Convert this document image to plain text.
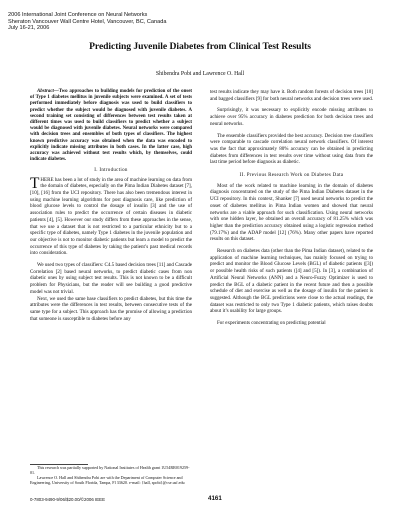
2006 International Joint Conference on Neural Networks
Sheraton Vancouver Wall Centre Hotel, Vancouver, BC, Canada
July 16-21, 2006
Predicting Juvenile Diabetes from Clinical Test Results
Shibendra Pobi and Lawrence O. Hall

Abstract—Two approaches to building models for prediction of the onset of Type 1 diabetes mellitus in juvenile subjects were examined. A set of tests performed immediately before diagnosis was used to build classifiers to predict whether the subject would be diagnosed with juvenile diabetes. A second training set consisting of differences between test results taken at different times was used to build classifiers to predict whether a subject would be diagnosed with juvenile diabetes. Neural networks were compared with decision trees and ensembles of both types of classifiers. The highest known predictive accuracy was obtained when the data was encoded to explicitly indicate missing attributes in both cases. In the latter case, high accuracy was achieved without test results which, by themselves, could indicate diabetes.

I. Introduction

THERE has been a lot of study in the area of machine learning on data from the domain of diabetes, especially on the Pima Indian Diabetes dataset [7], [10], [16] from the UCI repository. There has also been tremendous interest in using machine learning algorithms for post diagnosis care, like prediction of blood glucose levels to control the dosage of insulin [3] and the use of association rules to predict the occurrence of certain diseases in diabetic patients [4], [5]. However our study differs from these approaches in the sense, that we use a dataset that is not restricted to a particular ethnicity but to a specific type of diabetes, namely Type 1 diabetes in the juvenile population and our objective is not to monitor diabetic patients but learn a model to predict the occurrence of this type of diabetes by taking the patient’s past medical records into consideration.

We used two types of classifiers: C4.5 based decision trees [11] and Cascade Correlation [2] based neural networks, to predict diabetic cases from non diabetic ones by using subject test results. This is not known to be a difficult problem for Physicians, but the reader will see building a good predictive model was not trivial.

Next, we used the same base classifiers to predict diabetes, but this time the attributes were the differences in test results, between consecutive tests of the same type for a subject. This approach has the promise of allowing a prediction that someone is susceptible to diabetes before any

This research was partially supported by National Institutes of Health grant 1U54RR019259-01.
Lawrence O. Hall and Shibendra Pobi are with the Department of Computer Science and Engineering, University of South Florida, Tampa, Fl 33620. e-mail: {hall, spobi}@cse.usf.edu
0-7803-9490-9/06/$20.00/©2006 IEEE	4161

test results indicate they may have it. Both random forests of decision trees [10] and bagged classifiers [9] for both neural networks and decision trees were used.

Surprisingly, it was necessary to explicitly encode missing attributes to achieve over 95% accuracy in diabetes prediction for both decision trees and neural networks.

The ensemble classifiers provided the best accuracy. Decision tree classifiers were comparable to cascade correlation neural network classifiers. Of interest was the fact that approximately 80% accuracy can be obtained in predicting diabetes from differences in test results over time without using data from the last time period before diagnosis as diabetic.

II. Previous Research Work on Diabetes Data

Most of the work related to machine learning in the domain of diabetes diagnosis concentrated on the study of the Pima Indian Diabetes dataset in the UCI repository. In this context, Shanker [7] used neural networks to predict the onset of diabetes mellitus in Pima Indian women and showed that neural networks are a viable approach for such classification. Using neural networks with one hidden layer, he obtained an overall accuracy of 81.25% which was higher than the prediction accuracy obtained using a logistic regression method (79.17%) and the ADAP model [12] (76%). Many other papers have reported results on this dataset.

Research on diabetes data (other than the Pima Indian dataset), related to the application of machine learning techniques, has mainly focused on trying to predict and monitor the Blood Glucose Levels (BGL) of diabetic patients ([3]) or possible health risks of such patients ([4] and [5]). In [3], a combination of Artificial Neural Networks (ANN) and a Neuro-Fuzzy Optimizer is used to predict the BGL of a diabetic patient in the recent future and then a possible schedule of diet and exercise as well as the dosage of insulin for the patient is suggested. Although the BGL predictions were close to the actual readings, the dataset was restricted to only two Type 1 diabetic patients, which raises doubts about it’s usability for large groups.

For experiments concentrating on predicting potential
